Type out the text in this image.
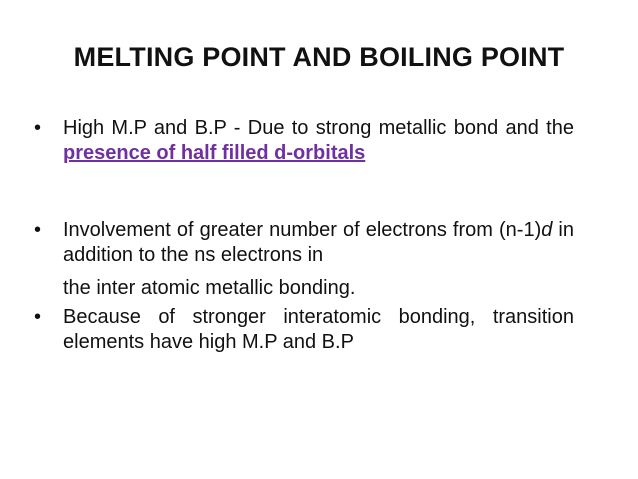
MELTING POINT AND BOILING POINT
• High M.P and B.P - Due to strong metallic bond and the presence of half filled d-orbitals
• Involvement of greater number of electrons from (n-1)d in addition to the ns electrons in
the inter atomic metallic bonding.
• Because of stronger interatomic bonding, transition elements have high M.P and B.P
